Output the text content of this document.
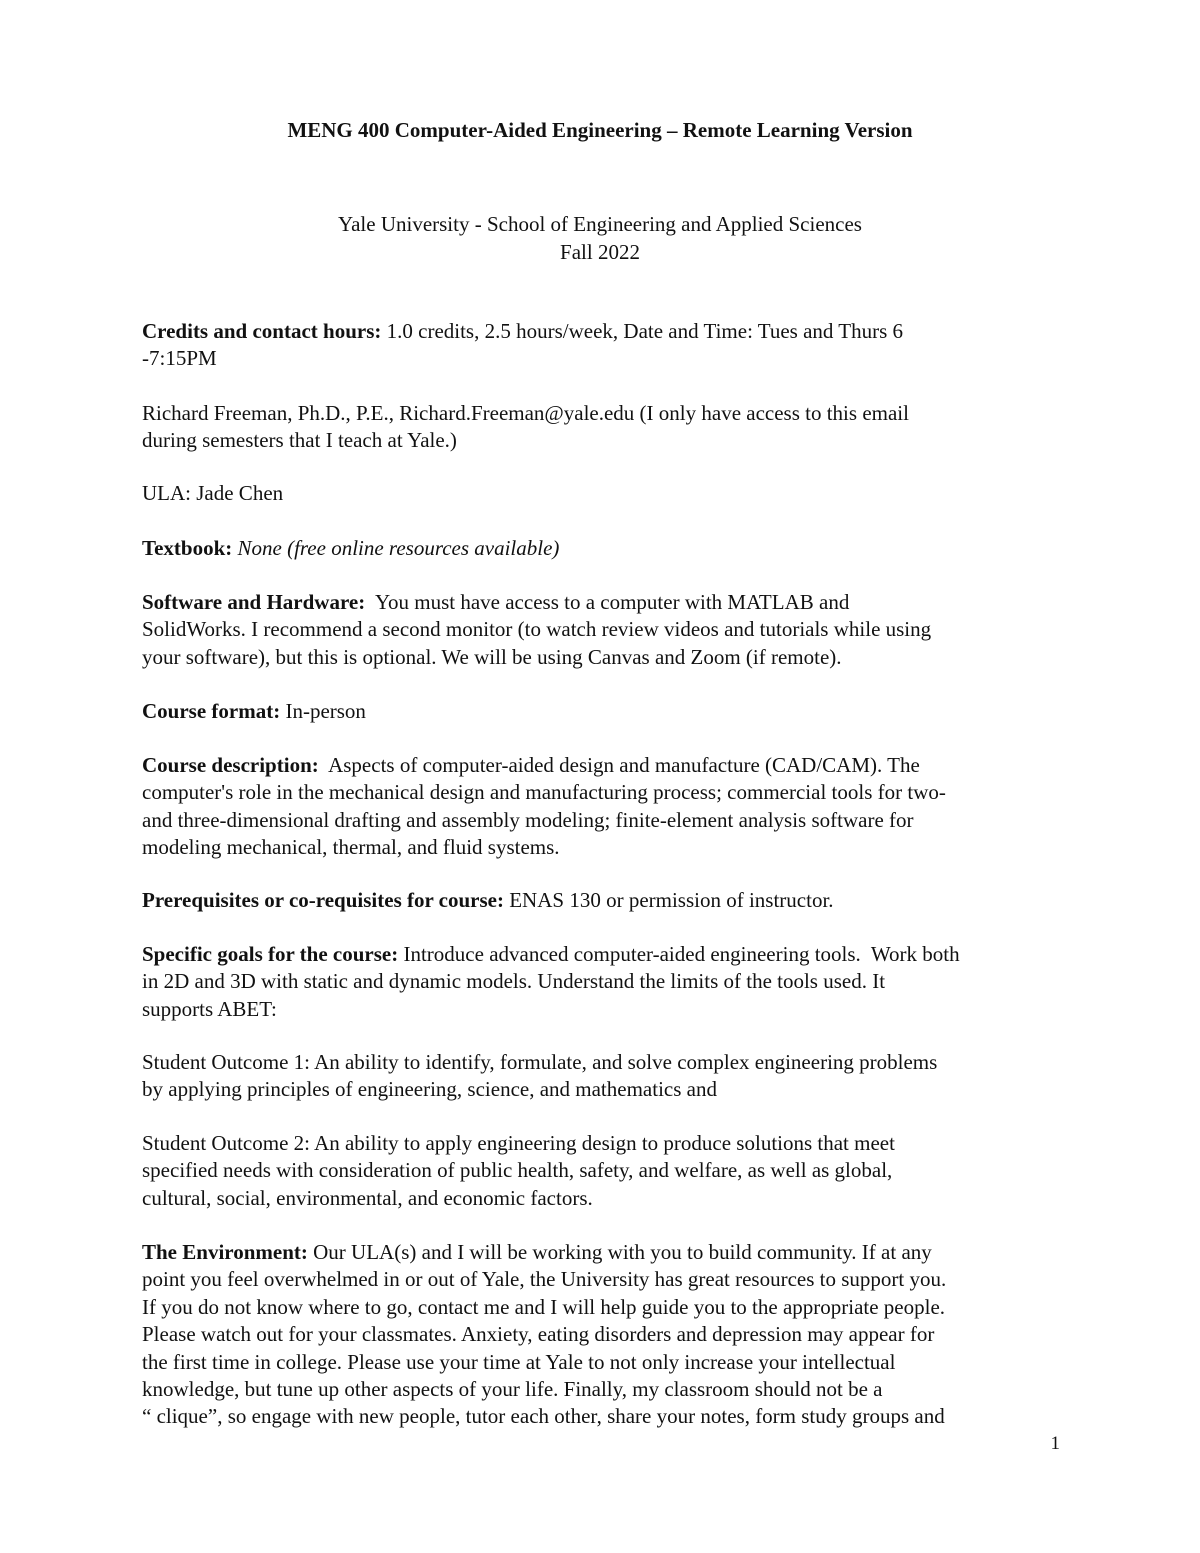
MENG 400 Computer-Aided Engineering – Remote Learning Version
Yale University - School of Engineering and Applied Sciences
Fall 2022
Credits and contact hours: 1.0 credits, 2.5 hours/week, Date and Time: Tues and Thurs 6
-7:15PM
Richard Freeman, Ph.D., P.E., Richard.Freeman@yale.edu (I only have access to this email
during semesters that I teach at Yale.)
ULA: Jade Chen
Textbook: None (free online resources available)
Software and Hardware:  You must have access to a computer with MATLAB and
SolidWorks. I recommend a second monitor (to watch review videos and tutorials while using
your software), but this is optional. We will be using Canvas and Zoom (if remote).
Course format: In-person
Course description:  Aspects of computer-aided design and manufacture (CAD/CAM). The
computer's role in the mechanical design and manufacturing process; commercial tools for two-
and three-dimensional drafting and assembly modeling; finite-element analysis software for
modeling mechanical, thermal, and fluid systems.
Prerequisites or co-requisites for course: ENAS 130 or permission of instructor.
Specific goals for the course: Introduce advanced computer-aided engineering tools.  Work both
in 2D and 3D with static and dynamic models. Understand the limits of the tools used. It
supports ABET:
Student Outcome 1: An ability to identify, formulate, and solve complex engineering problems
by applying principles of engineering, science, and mathematics and
Student Outcome 2: An ability to apply engineering design to produce solutions that meet
specified needs with consideration of public health, safety, and welfare, as well as global,
cultural, social, environmental, and economic factors.
The Environment: Our ULA(s) and I will be working with you to build community. If at any
point you feel overwhelmed in or out of Yale, the University has great resources to support you.
If you do not know where to go, contact me and I will help guide you to the appropriate people.
Please watch out for your classmates. Anxiety, eating disorders and depression may appear for
the first time in college. Please use your time at Yale to not only increase your intellectual
knowledge, but tune up other aspects of your life. Finally, my classroom should not be a
“ clique”, so engage with new people, tutor each other, share your notes, form study groups and
1
